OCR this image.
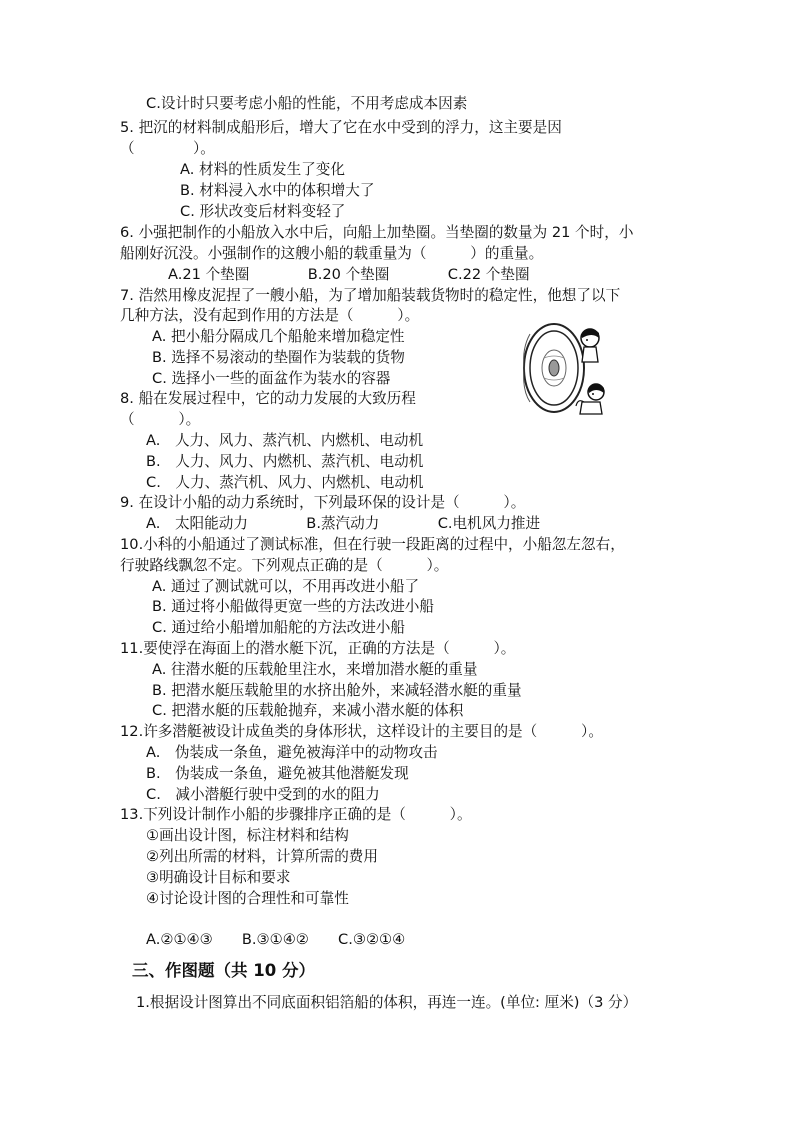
C.设计时只要考虑小船的性能，不用考虑成本因素
5. 把沉的材料制成船形后，增大了它在水中受到的浮力，这主要是因
（　　　　）。
A. 材料的性质发生了变化
B. 材料浸入水中的体积增大了
C. 形状改变后材料变轻了
6. 小强把制作的小船放入水中后，向船上加垫圈。当垫圈的数量为 21 个时，小
船刚好沉没。小强制作的这艘小船的载重量为（　　　）的重量。
A.21 个垫圈　　　　B.20 个垫圈　　　　C.22 个垫圈
7. 浩然用橡皮泥捏了一艘小船，为了增加船装载货物时的稳定性，他想了以下
几种方法，没有起到作用的方法是（　　　）。
A. 把小船分隔成几个船舱来增加稳定性
B. 选择不易滚动的垫圈作为装载的货物
C. 选择小一些的面盆作为装水的容器
8. 船在发展过程中，它的动力发展的大致历程
（　　　）。
A.　人力、风力、蒸汽机、内燃机、电动机
B.　人力、风力、内燃机、蒸汽机、电动机
C.　人力、蒸汽机、风力、内燃机、电动机
9. 在设计小船的动力系统时，下列最环保的设计是（　　　）。
A.　太阳能动力　　　　B.蒸汽动力　　　　C.电机风力推进
10.小科的小船通过了测试标准，但在行驶一段距离的过程中，小船忽左忽右，
行驶路线飘忽不定。下列观点正确的是（　　　）。
A. 通过了测试就可以，不用再改进小船了
B. 通过将小船做得更宽一些的方法改进小船
C. 通过给小船增加船舵的方法改进小船
11.要使浮在海面上的潜水艇下沉，正确的方法是（　　　）。
A. 往潜水艇的压载舱里注水，来增加潜水艇的重量
B. 把潜水艇压载舱里的水挤出舱外，来减轻潜水艇的重量
C. 把潜水艇的压载舱抛弃，来减小潜水艇的体积
12.许多潜艇被设计成鱼类的身体形状，这样设计的主要目的是（　　　）。
A.　伪装成一条鱼，避免被海洋中的动物攻击
B.　伪装成一条鱼，避免被其他潜艇发现
C.　减小潜艇行驶中受到的水的阻力
13.下列设计制作小船的步骤排序正确的是（　　　）。
①画出设计图，标注材料和结构
②列出所需的材料，计算所需的费用
③明确设计目标和要求
④讨论设计图的合理性和可靠性
A.②①④③　　B.③①④②　　C.③②①④
三、作图题（共 10 分）
1.根据设计图算出不同底面积铝箔船的体积，再连一连。(单位: 厘米)（3 分）
